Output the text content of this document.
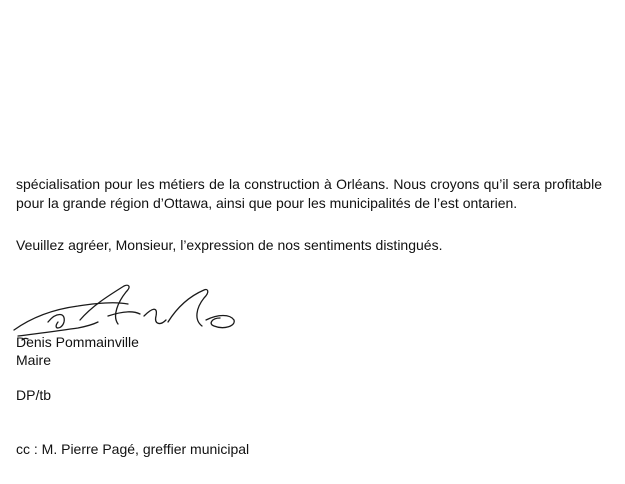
spécialisation pour les métiers de la construction à Orléans. Nous croyons qu’il sera profitable pour la grande région d’Ottawa, ainsi que pour les municipalités de l’est ontarien.

Veuillez agréer, Monsieur, l’expression de nos sentiments distingués.

Denis Pommainville
Maire
DP/tb
cc : M. Pierre Pagé, greffier municipal
